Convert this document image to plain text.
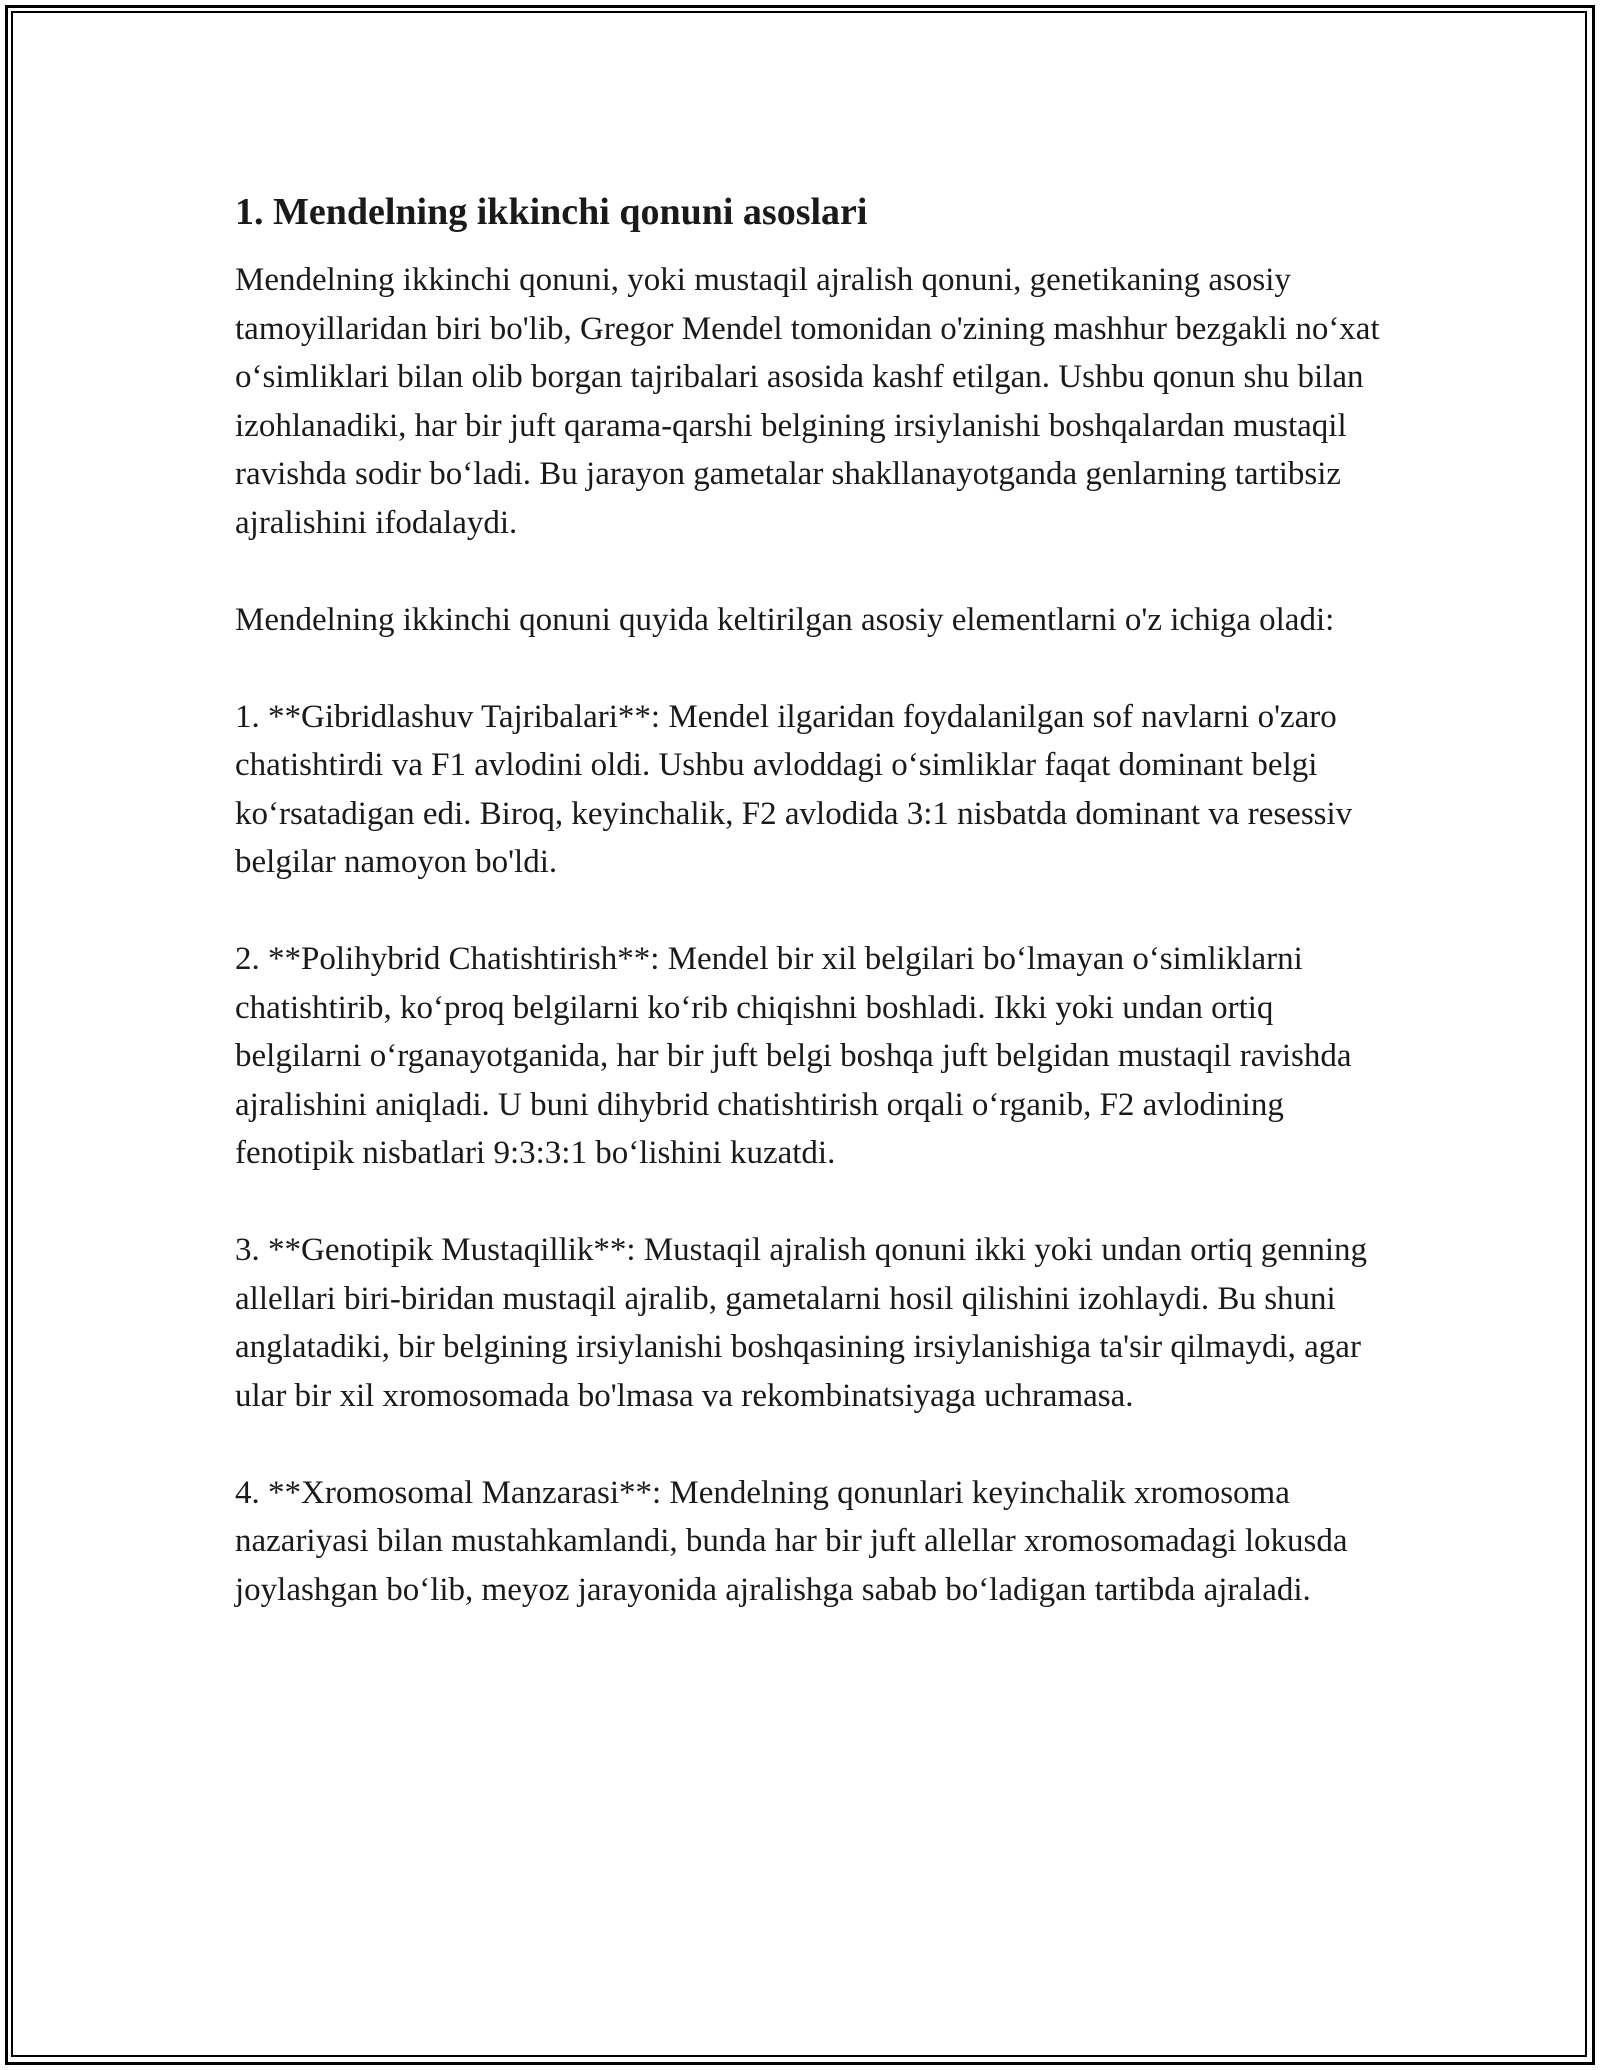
1. Mendelning ikkinchi qonuni asoslari

Mendelning ikkinchi qonuni, yoki mustaqil ajralish qonuni, genetikaning asosiy tamoyillaridan biri bo'lib, Gregor Mendel tomonidan o'zining mashhur bezgakli no‘xat o‘simliklari bilan olib borgan tajribalari asosida kashf etilgan. Ushbu qonun shu bilan izohlanadiki, har bir juft qarama-qarshi belgining irsiylanishi boshqalardan mustaqil ravishda sodir bo‘ladi. Bu jarayon gametalar shakllanayotganda genlarning tartibsiz ajralishini ifodalaydi.

Mendelning ikkinchi qonuni quyida keltirilgan asosiy elementlarni o'z ichiga oladi:

1. **Gibridlashuv Tajribalari**: Mendel ilgaridan foydalanilgan sof navlarni o'zaro chatishtirdi va F1 avlodini oldi. Ushbu avloddagi o‘simliklar faqat dominant belgi ko‘rsatadigan edi. Biroq, keyinchalik, F2 avlodida 3:1 nisbatda dominant va resessiv belgilar namoyon bo'ldi.

2. **Polihybrid Chatishtirish**: Mendel bir xil belgilari bo‘lmayan o‘simliklarni chatishtirib, ko‘proq belgilarni ko‘rib chiqishni boshladi. Ikki yoki undan ortiq belgilarni o‘rganayotganida, har bir juft belgi boshqa juft belgidan mustaqil ravishda ajralishini aniqladi. U buni dihybrid chatishtirish orqali o‘rganib, F2 avlodining fenotipik nisbatlari 9:3:3:1 bo‘lishini kuzatdi.

3. **Genotipik Mustaqillik**: Mustaqil ajralish qonuni ikki yoki undan ortiq genning allellari biri-biridan mustaqil ajralib, gametalarni hosil qilishini izohlaydi. Bu shuni anglatadiki, bir belgining irsiylanishi boshqasining irsiylanishiga ta'sir qilmaydi, agar ular bir xil xromosomada bo'lmasa va rekombinatsiyaga uchramasa.

4. **Xromosomal Manzarasi**: Mendelning qonunlari keyinchalik xromosoma nazariyasi bilan mustahkamlandi, bunda har bir juft allellar xromosomadagi lokusda joylashgan bo‘lib, meyoz jarayonida ajralishga sabab bo‘ladigan tartibda ajraladi.
